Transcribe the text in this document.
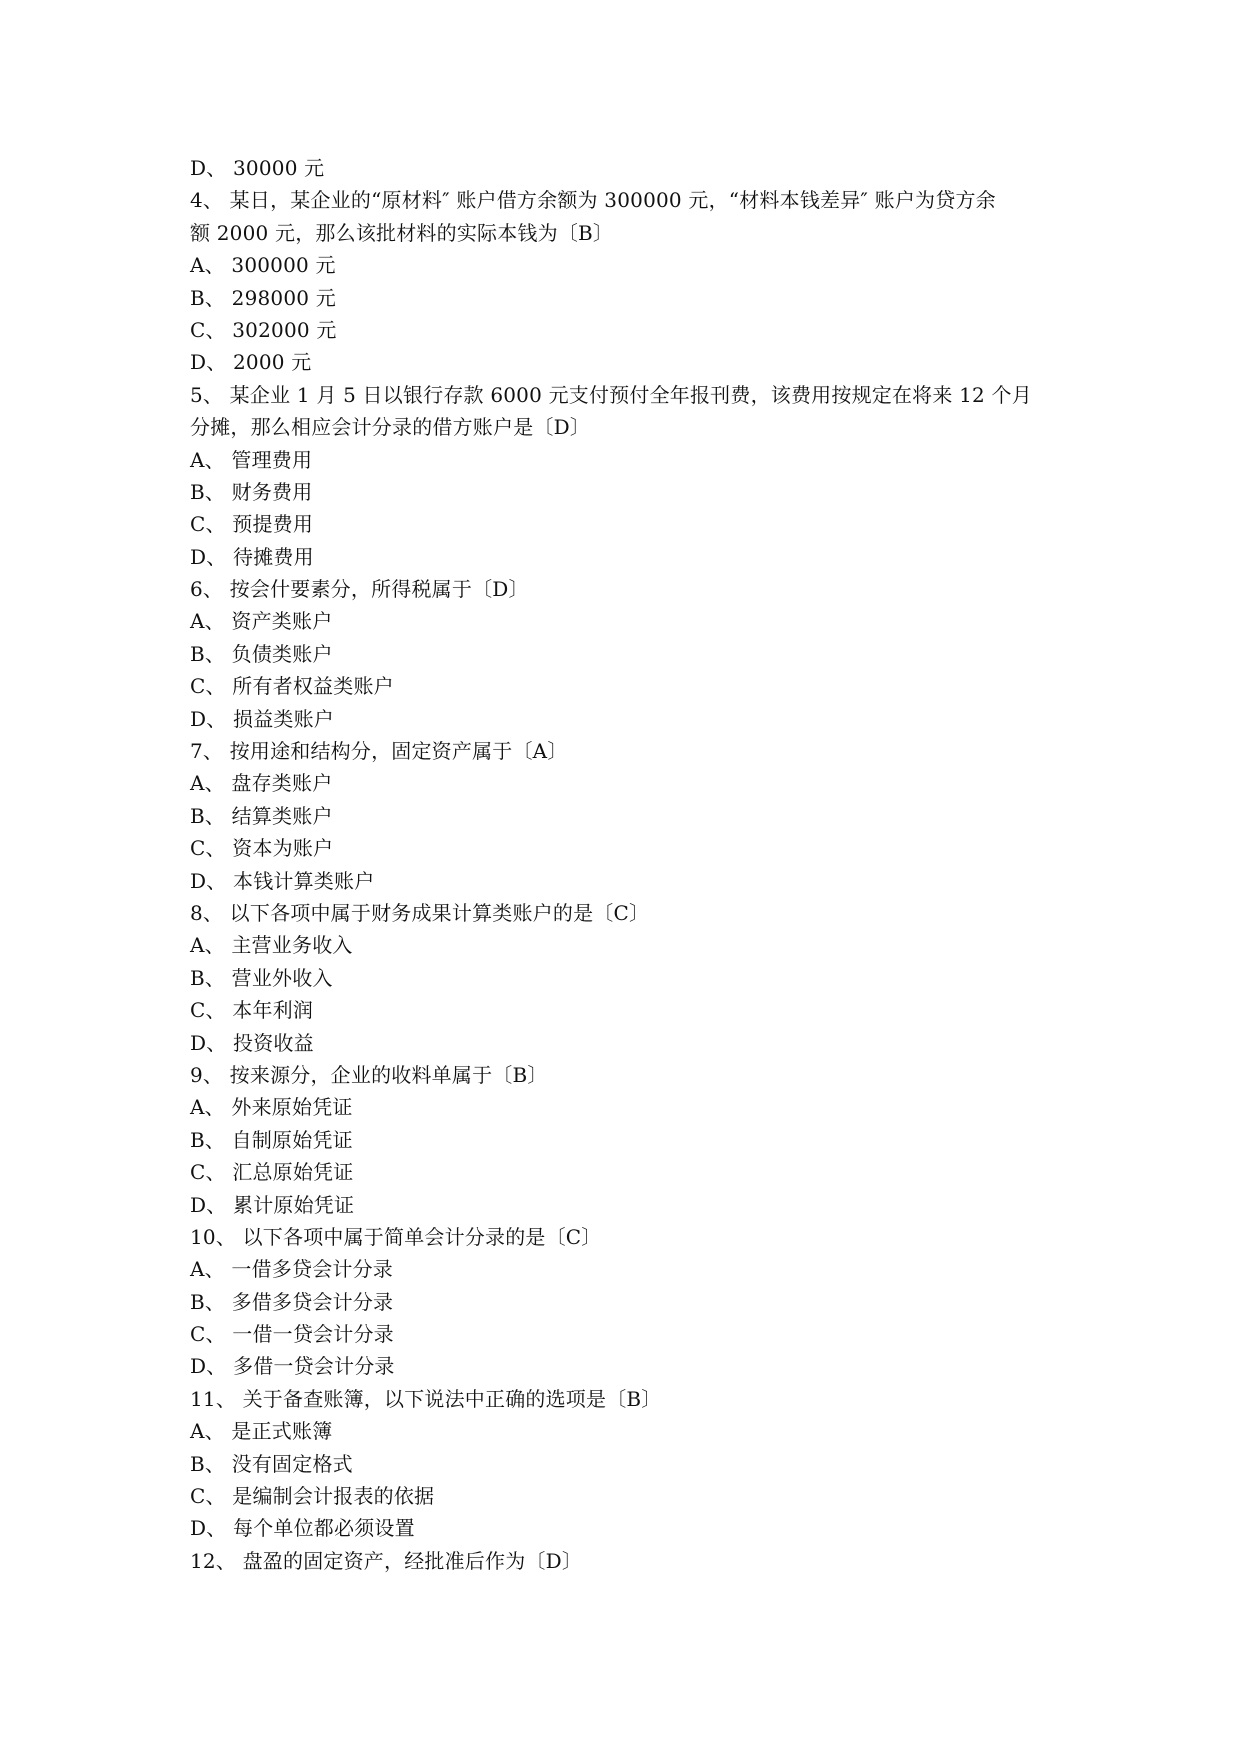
D、 30000 元
4、 某日，某企业的“原材料″ 账户借方余额为 300000 元，“材料本钱差异″ 账户为贷方余
额 2000 元，那么该批材料的实际本钱为〔B〕
A、 300000 元
B、 298000 元
C、 302000 元
D、 2000 元
5、 某企业 1 月 5 日以银行存款 6000 元支付预付全年报刊费，该费用按规定在将来 12 个月
分摊，那么相应会计分录的借方账户是〔D〕
A、 管理费用
B、 财务费用
C、 预提费用
D、 待摊费用
6、 按会什要素分，所得税属于〔D〕
A、 资产类账户
B、 负债类账户
C、 所有者权益类账户
D、 损益类账户
7、 按用途和结构分，固定资产属于〔A〕
A、 盘存类账户
B、 结算类账户
C、 资本为账户
D、 本钱计算类账户
8、 以下各项中属于财务成果计算类账户的是〔C〕
A、 主营业务收入
B、 营业外收入
C、 本年利润
D、 投资收益
9、 按来源分，企业的收料单属于〔B〕
A、 外来原始凭证
B、 自制原始凭证
C、 汇总原始凭证
D、 累计原始凭证
10、 以下各项中属于简单会计分录的是〔C〕
A、 一借多贷会计分录
B、 多借多贷会计分录
C、 一借一贷会计分录
D、 多借一贷会计分录
11、 关于备查账簿，以下说法中正确的选项是〔B〕
A、 是正式账簿
B、 没有固定格式
C、 是编制会计报表的依据
D、 每个单位都必须设置
12、 盘盈的固定资产，经批准后作为〔D〕
